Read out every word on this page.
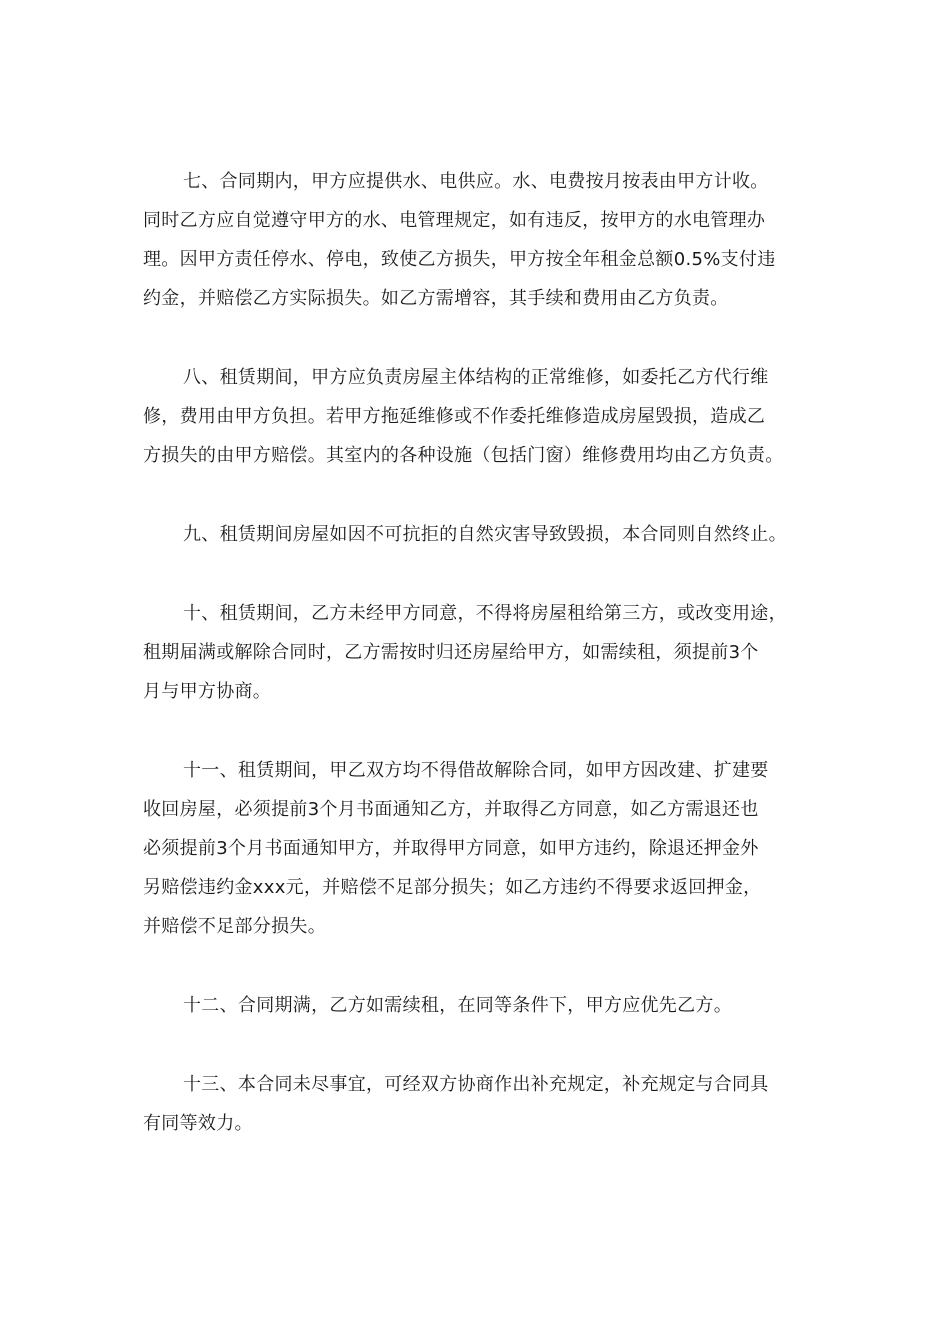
七、合同期内，甲方应提供水、电供应。水、电费按月按表由甲方计收。
同时乙方应自觉遵守甲方的水、电管理规定，如有违反，按甲方的水电管理办
理。因甲方责任停水、停电，致使乙方损失，甲方按全年租金总额0.5%支付违
约金，并赔偿乙方实际损失。如乙方需增容，其手续和费用由乙方负责。
八、租赁期间，甲方应负责房屋主体结构的正常维修，如委托乙方代行维
修，费用由甲方负担。若甲方拖延维修或不作委托维修造成房屋毁损，造成乙
方损失的由甲方赔偿。其室内的各种设施（包括门窗）维修费用均由乙方负责。
九、租赁期间房屋如因不可抗拒的自然灾害导致毁损，本合同则自然终止。
十、租赁期间，乙方未经甲方同意，不得将房屋租给第三方，或改变用途，
租期届满或解除合同时，乙方需按时归还房屋给甲方，如需续租，须提前3个
月与甲方协商。
十一、租赁期间，甲乙双方均不得借故解除合同，如甲方因改建、扩建要
收回房屋，必须提前3个月书面通知乙方，并取得乙方同意，如乙方需退还也
必须提前3个月书面通知甲方，并取得甲方同意，如甲方违约，除退还押金外
另赔偿违约金xxx元，并赔偿不足部分损失；如乙方违约不得要求返回押金，
并赔偿不足部分损失。
十二、合同期满，乙方如需续租，在同等条件下，甲方应优先乙方。
十三、本合同未尽事宜，可经双方协商作出补充规定，补充规定与合同具
有同等效力。
